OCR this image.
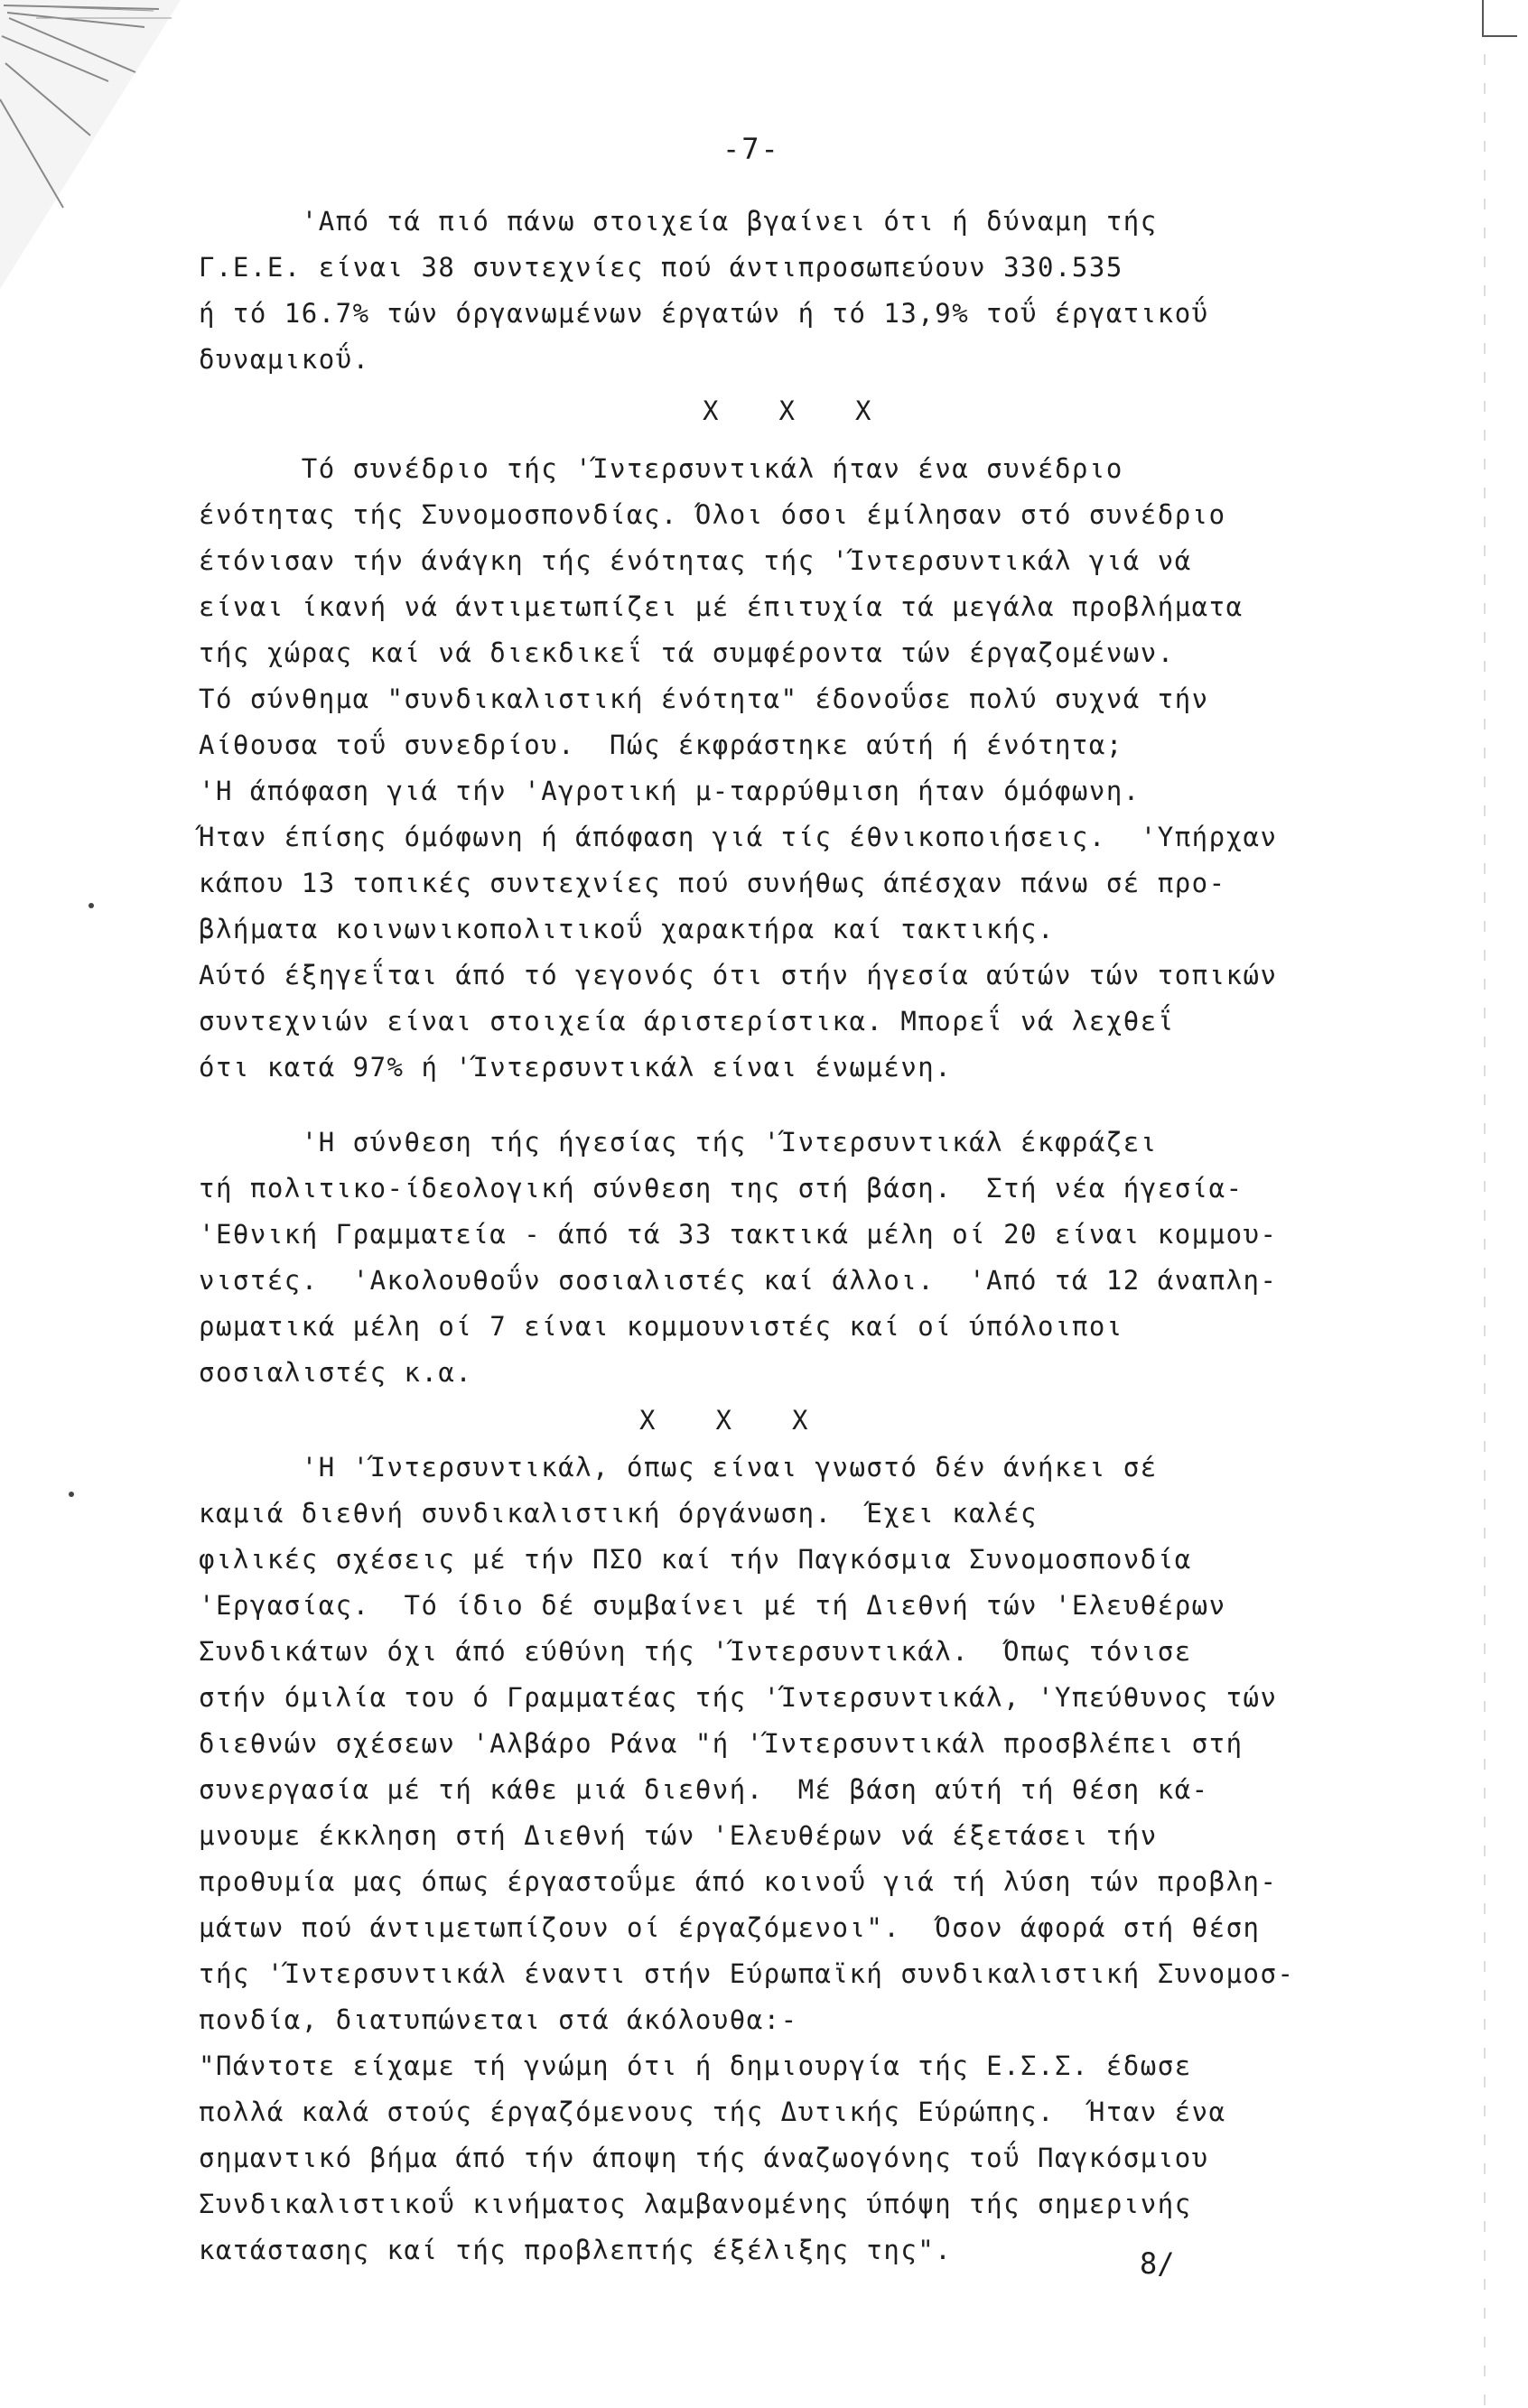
-7-
'Από τά πιό πάνω στοιχεία βγαίνει ότι ή δύναμη τής
Γ.Ε.Ε. είναι 38 συντεχνίες πού άντιπροσωπεύουν 330.535
ή τό 16.7% τών όργανωμένων έργατών ή τό 13,9% τοΰ έργατικοΰ
δυναμικοΰ.
X X X
Τό συνέδριο τής 'Ίντερσυντικάλ ήταν ένα συνέδριο
ένότητας τής Συνομοσπονδίας. Όλοι όσοι έμίλησαν στό συνέδριο
έτόνισαν τήν άνάγκη τής ένότητας τής 'Ίντερσυντικάλ γιά νά
είναι ίκανή νά άντιμετωπίζει μέ έπιτυχία τά μεγάλα προβλήματα
τής χώρας καί νά διεκδικεΐ τά συμφέροντα τών έργαζομένων.
Τό σύνθημα "συνδικαλιστική ένότητα" έδονοΰσε πολύ συχνά τήν
Αίθουσα τοΰ συνεδρίου.  Πώς έκφράστηκε αύτή ή ένότητα;
'Η άπόφαση γιά τήν 'Αγροτική μ-ταρρύθμιση ήταν όμόφωνη.
Ήταν έπίσης όμόφωνη ή άπόφαση γιά τίς έθνικοποιήσεις.  'Υπήρχαν
κάπου 13 τοπικές συντεχνίες πού συνήθως άπέσχαν πάνω σέ προ-
βλήματα κοινωνικοπολιτικοΰ χαρακτήρα καί τακτικής.
Αύτό έξηγεΐται άπό τό γεγονός ότι στήν ήγεσία αύτών τών τοπικών
συντεχνιών είναι στοιχεία άριστερίστικα. Μπορεΐ νά λεχθεΐ
ότι κατά 97% ή 'Ίντερσυντικάλ είναι ένωμένη.
'Η σύνθεση τής ήγεσίας τής 'Ίντερσυντικάλ έκφράζει
τή πολιτικο-ίδεολογική σύνθεση της στή βάση.  Στή νέα ήγεσία-
'Εθνική Γραμματεία - άπό τά 33 τακτικά μέλη οί 20 είναι κομμου-
νιστές.  'Ακολουθοΰν σοσιαλιστές καί άλλοι.  'Από τά 12 άναπλη-
ρωματικά μέλη οί 7 είναι κομμουνιστές καί οί ύπόλοιποι
σοσιαλιστές κ.α.
X X X
'Η 'Ίντερσυντικάλ, όπως είναι γνωστό δέν άνήκει σέ
καμιά διεθνή συνδικαλιστική όργάνωση.  Έχει καλές
φιλικές σχέσεις μέ τήν ΠΣΟ καί τήν Παγκόσμια Συνομοσπονδία
'Εργασίας.  Τό ίδιο δέ συμβαίνει μέ τή Διεθνή τών 'Ελευθέρων
Συνδικάτων όχι άπό εύθύνη τής 'Ίντερσυντικάλ.  Όπως τόνισε
στήν όμιλία του ό Γραμματέας τής 'Ίντερσυντικάλ, 'Υπεύθυνος τών
διεθνών σχέσεων 'Αλβάρο Ράνα "ή 'Ίντερσυντικάλ προσβλέπει στή
συνεργασία μέ τή κάθε μιά διεθνή.  Μέ βάση αύτή τή θέση κά-
μνουμε έκκληση στή Διεθνή τών 'Ελευθέρων νά έξετάσει τήν
προθυμία μας όπως έργαστοΰμε άπό κοινοΰ γιά τή λύση τών προβλη-
μάτων πού άντιμετωπίζουν οί έργαζόμενοι".  Όσον άφορά στή θέση
τής 'Ίντερσυντικάλ έναντι στήν Εύρωπαϊκή συνδικαλιστική Συνομοσ-
πονδία, διατυπώνεται στά άκόλουθα:-
"Πάντοτε είχαμε τή γνώμη ότι ή δημιουργία τής Ε.Σ.Σ. έδωσε
πολλά καλά στούς έργαζόμενους τής Δυτικής Εύρώπης.  Ήταν ένα
σημαντικό βήμα άπό τήν άποψη τής άναζωογόνης τοΰ Παγκόσμιου
Συνδικαλιστικοΰ κινήματος λαμβανομένης ύπόψη τής σημερινής
κατάστασης καί τής προβλεπτής έξέλιξης της".	8/
